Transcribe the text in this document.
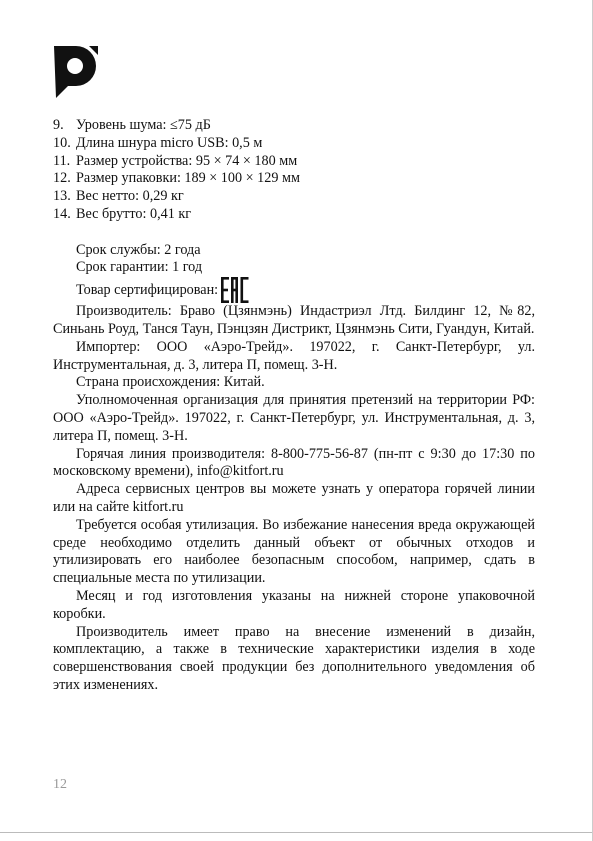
9. Уровень шума: ≤75 дБ
10. Длина шнура micro USB: 0,5 м
11. Размер устройства: 95 × 74 × 180 мм
12. Размер упаковки: 189 × 100 × 129 мм
13. Вес нетто: 0,29 кг
14. Вес брутто: 0,41 кг

Срок службы: 2 года

Срок гарантии: 1 год

Товар сертифицирован:

Производитель: Браво (Цзянмэнь) Индастриэл Лтд. Билдинг 12, №82, Синьань Роуд, Танся Таун, Пэнцзян Дистрикт, Цзянмэнь Сити, Гуандун, Китай.

Импортер: ООО «Аэро-Трейд». 197022, г. Санкт-Петербург, ул. Инструментальная, д. 3, литера П, помещ. 3-Н.

Страна происхождения: Китай.

Уполномоченная организация для принятия претензий на территории РФ: ООО «Аэро-Трейд». 197022, г. Санкт-Петербург, ул. Инструментальная, д. 3, литера П, помещ. 3-Н.

Горячая линия производителя: 8-800-775-56-87 (пн-пт с 9:30 до 17:30 по московскому времени), info@kitfort.ru

Адреса сервисных центров вы можете узнать у оператора горячей линии или на сайте kitfort.ru

Требуется особая утилизация. Во избежание нанесения вреда окружающей среде необходимо отделить данный объект от обычных отходов и утилизировать его наиболее безопасным способом, например, сдать в специальные места по утилизации.

Месяц и год изготовления указаны на нижней стороне упаковочной коробки.

Производитель имеет право на внесение изменений в дизайн, комплектацию, а также в технические характеристики изделия в ходе совершенствования своей продукции без дополнительного уведомления об этих изменениях.

12
